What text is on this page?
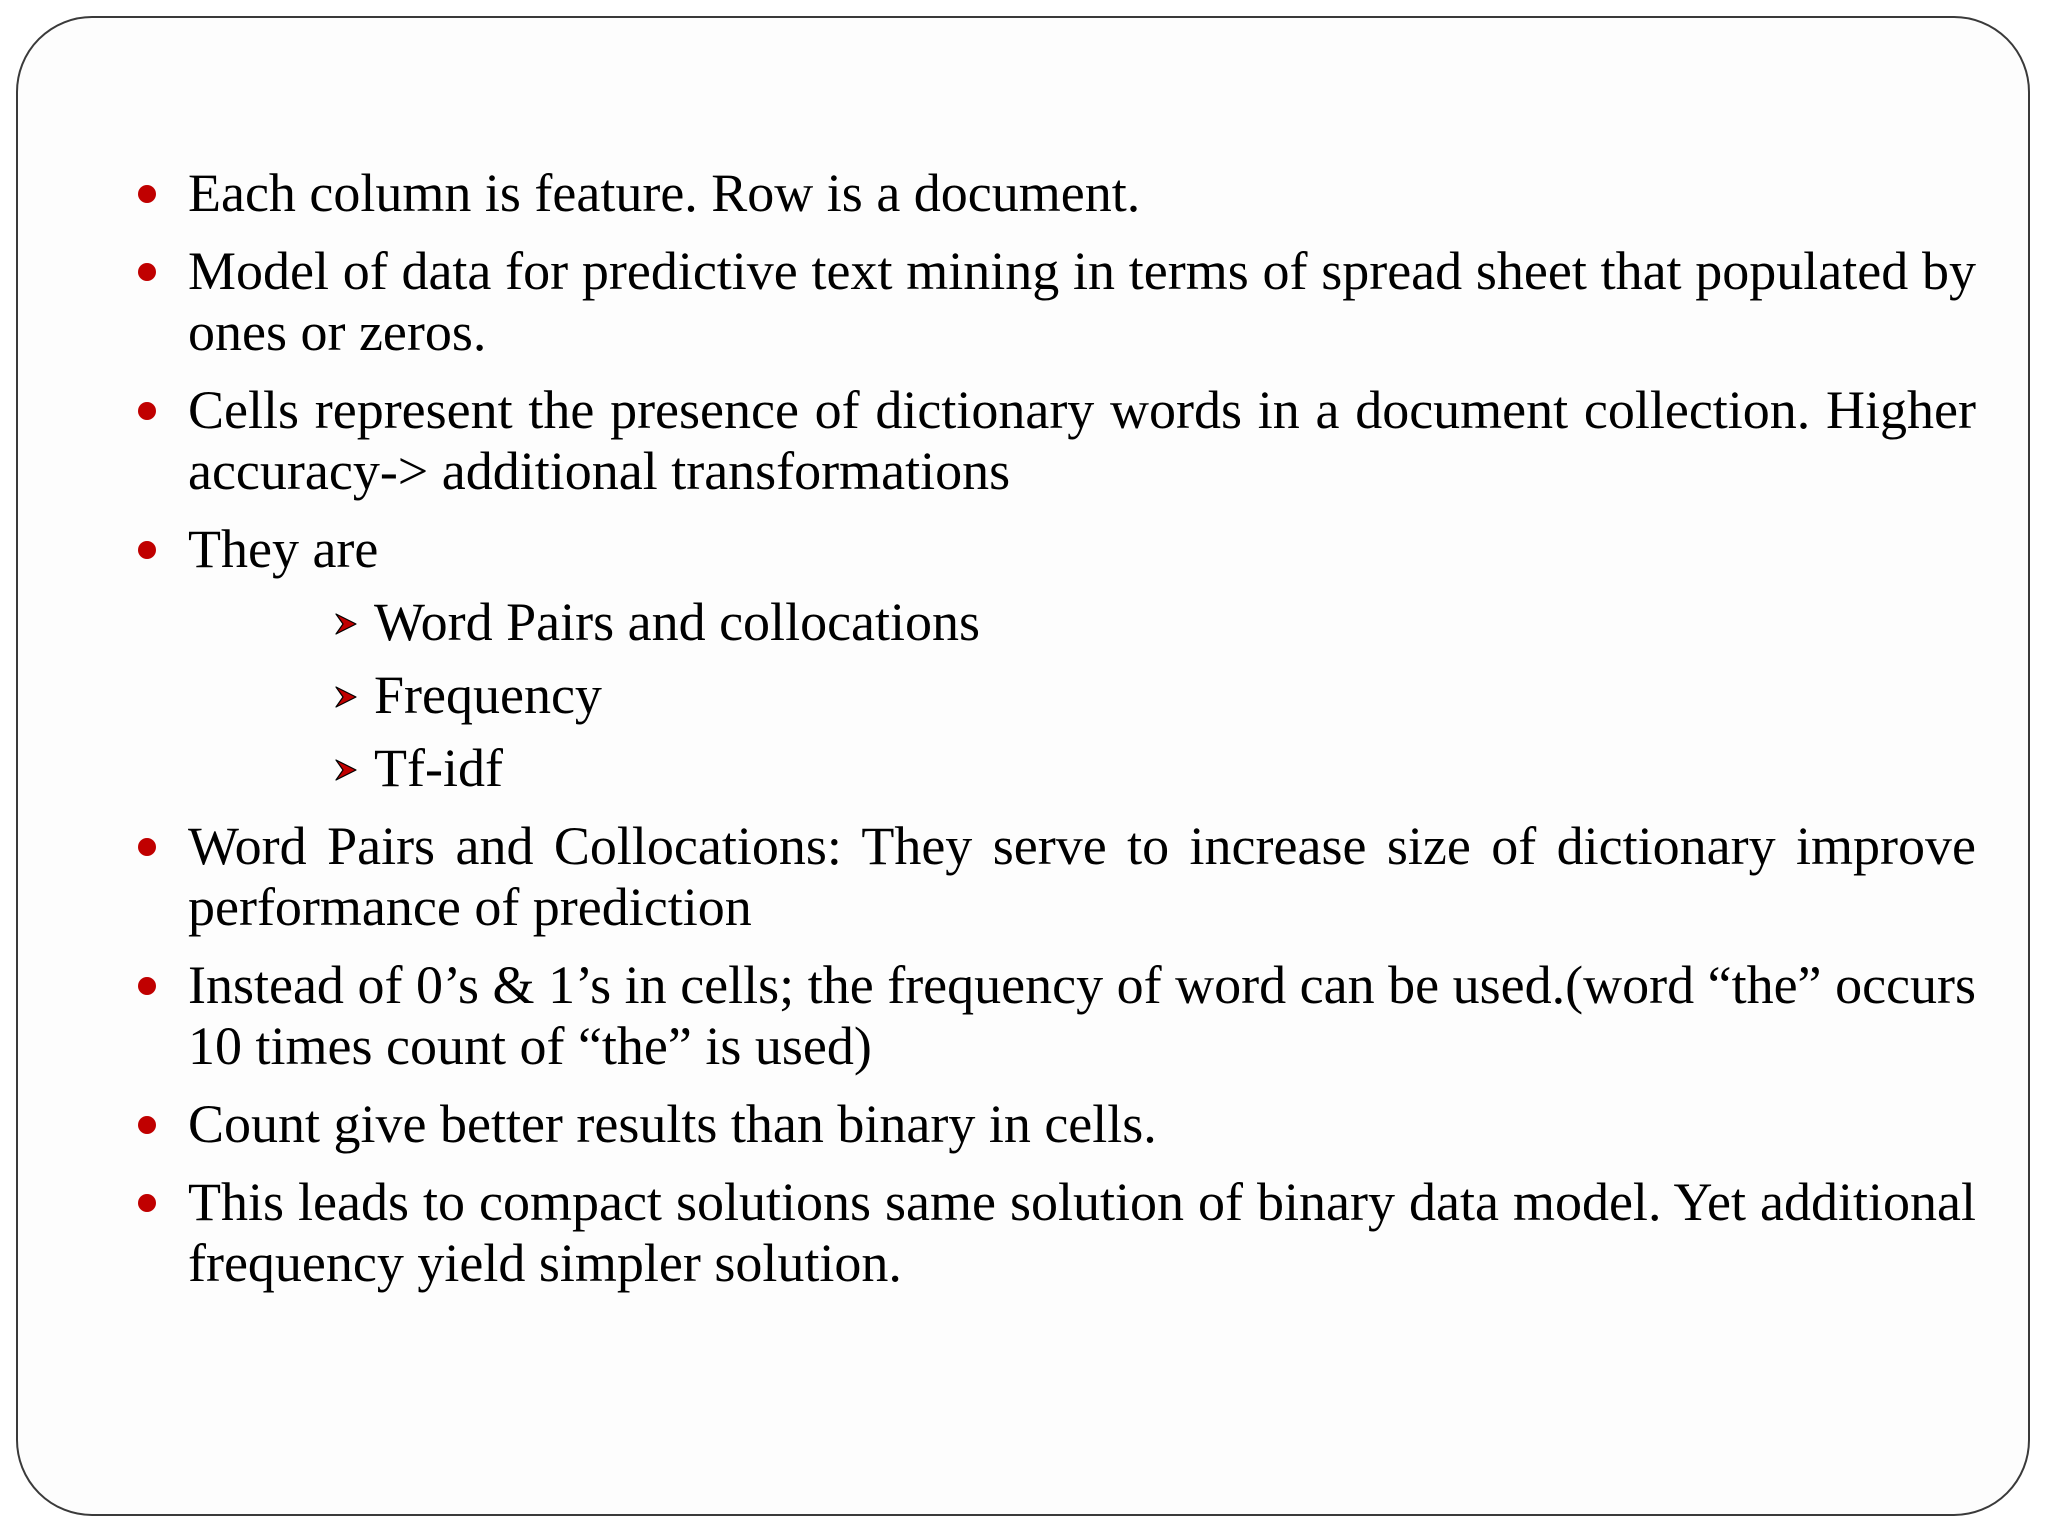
Each column is feature. Row is a document.
Model of data for predictive text mining in terms of spread sheet that populated by ones or zeros.
Cells represent the presence of dictionary words in a document collection. Higher accuracy-> additional transformations
They are
Word Pairs and collocations
Frequency
Tf-idf
Word Pairs and Collocations: They serve to increase size of dictionary improve performance of prediction
Instead of 0’s & 1’s in cells; the frequency of word can be used.(word “the” occurs 10 times count of “the” is used)
Count give better results than binary in cells.
This leads to compact solutions same solution of binary data model. Yet additional frequency yield simpler solution.
